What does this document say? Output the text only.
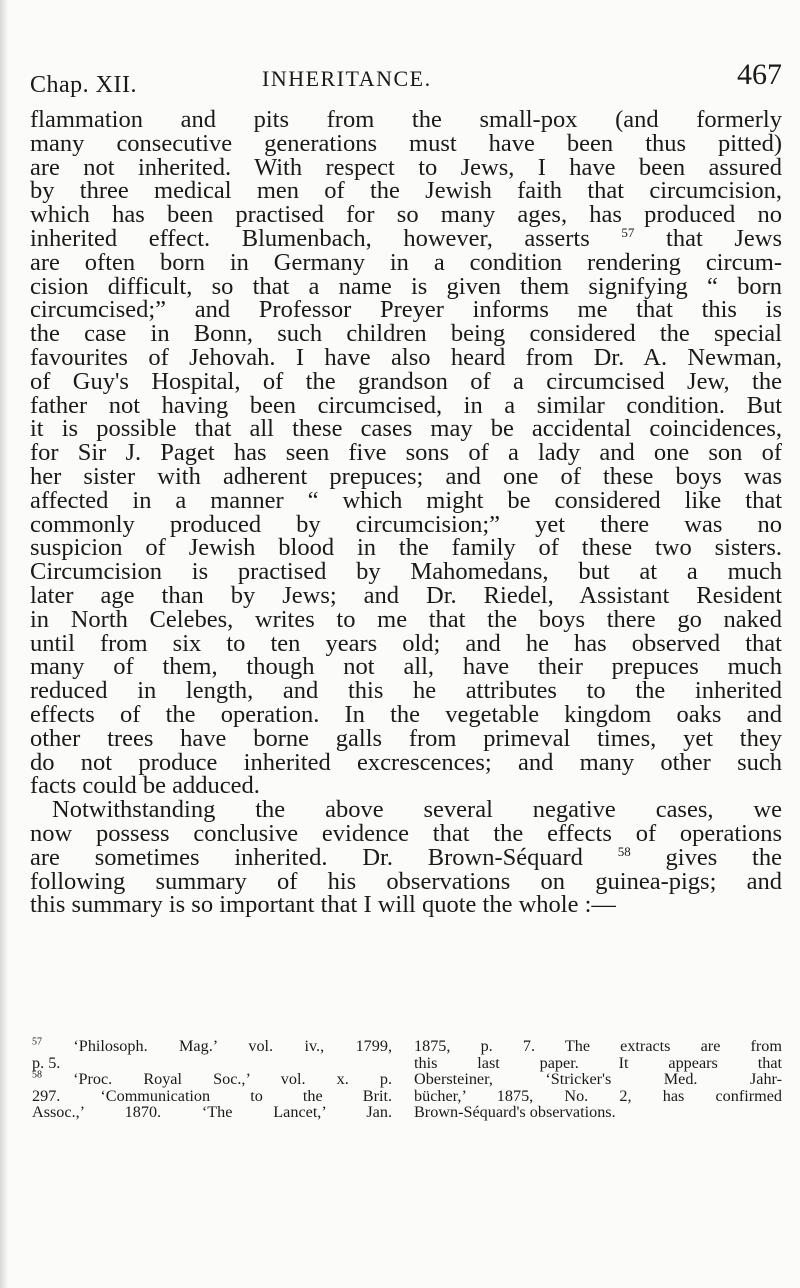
Chap. XII.	INHERITANCE.	467
flammation and pits from the small-pox (and formerly
many consecutive generations must have been thus pitted)
are not inherited. With respect to Jews, I have been assured
by three medical men of the Jewish faith that circumcision,
which has been practised for so many ages, has produced no
inherited effect. Blumenbach, however, asserts $^{57}$ that Jews
are often born in Germany in a condition rendering circum-
cision difficult, so that a name is given them signifying “ born
circumcised;” and Professor Preyer informs me that this is
the case in Bonn, such children being considered the special
favourites of Jehovah. I have also heard from Dr. A. Newman,
of Guy's Hospital, of the grandson of a circumcised Jew, the
father not having been circumcised, in a similar condition. But
it is possible that all these cases may be accidental coincidences,
for Sir J. Paget has seen five sons of a lady and one son of
her sister with adherent prepuces; and one of these boys was
affected in a manner “ which might be considered like that
commonly produced by circumcision;” yet there was no
suspicion of Jewish blood in the family of these two sisters.
Circumcision is practised by Mahomedans, but at a much
later age than by Jews; and Dr. Riedel, Assistant Resident
in North Celebes, writes to me that the boys there go naked
until from six to ten years old; and he has observed that
many of them, though not all, have their prepuces much
reduced in length, and this he attributes to the inherited
effects of the operation. In the vegetable kingdom oaks and
other trees have borne galls from primeval times, yet they
do not produce inherited excrescences; and many other such
facts could be adduced.
Notwithstanding the above several negative cases, we
now possess conclusive evidence that the effects of operations
are sometimes inherited. Dr. Brown-Séquard	$^{58}$ gives the
following summary of his observations on guinea-pigs; and
this summary is so important that I will quote the whole :—
$^{57}$ ‘Philosoph. Mag.’ vol. iv., 1799,
p. 5.
$^{58}$ ‘Proc. Royal Soc.,’ vol. x. p.
297. ‘Communication to the Brit.
Assoc.,’ 1870. ‘The Lancet,’ Jan.
1875, p. 7. The extracts are from
this last paper. It appears that
Obersteiner, ‘Stricker's Med. Jahr-
bücher,’ 1875, No. 2, has confirmed
Brown-Séquard's observations.
